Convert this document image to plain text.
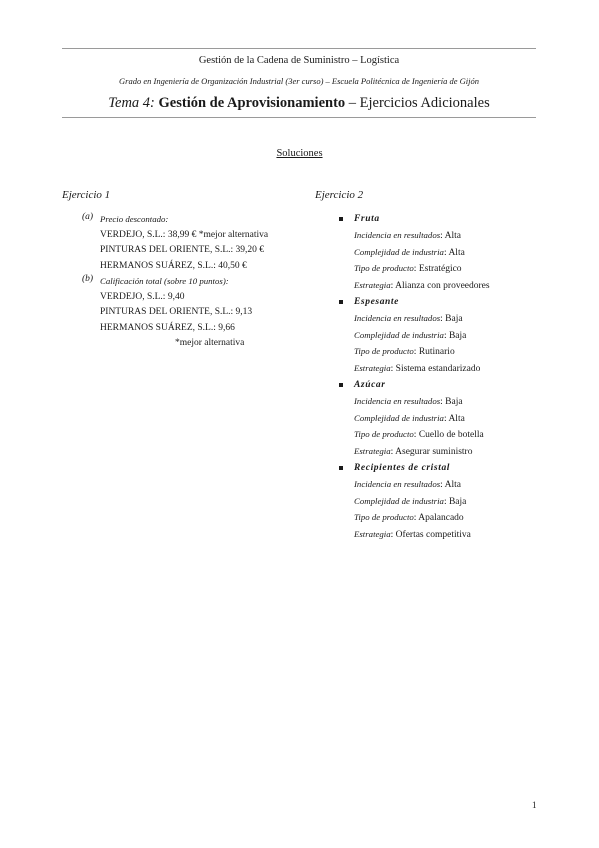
Gestión de la Cadena de Suministro – Logística
Grado en Ingeniería de Organización Industrial (3er curso) – Escuela Politécnica de Ingeniería de Gijón
Tema 4: Gestión de Aprovisionamiento – Ejercicios Adicionales
Soluciones
Ejercicio 1	Ejercicio 2
(a) Precio descontado:
VERDEJO, S.L.: 38,99 € *mejor alternativa
PINTURAS DEL ORIENTE, S.L.: 39,20 €
HERMANOS SUÁREZ, S.L.: 40,50 €
(b) Calificación total (sobre 10 puntos):
VERDEJO, S.L.: 9,40
PINTURAS DEL ORIENTE, S.L.: 9,13
HERMANOS SUÁREZ, S.L.: 9,66
*mejor alternativa
Fruta
Incidencia en resultados: Alta
Complejidad de industria: Alta
Tipo de producto: Estratégico
Estrategia: Alianza con proveedores
Espesante
Incidencia en resultados: Baja
Complejidad de industria: Baja
Tipo de producto: Rutinario
Estrategia: Sistema estandarizado
Azúcar
Incidencia en resultados: Baja
Complejidad de industria: Alta
Tipo de producto: Cuello de botella
Estrategia: Asegurar suministro
Recipientes de cristal
Incidencia en resultados: Alta
Complejidad de industria: Baja
Tipo de producto: Apalancado
Estrategia: Ofertas competitiva
1
